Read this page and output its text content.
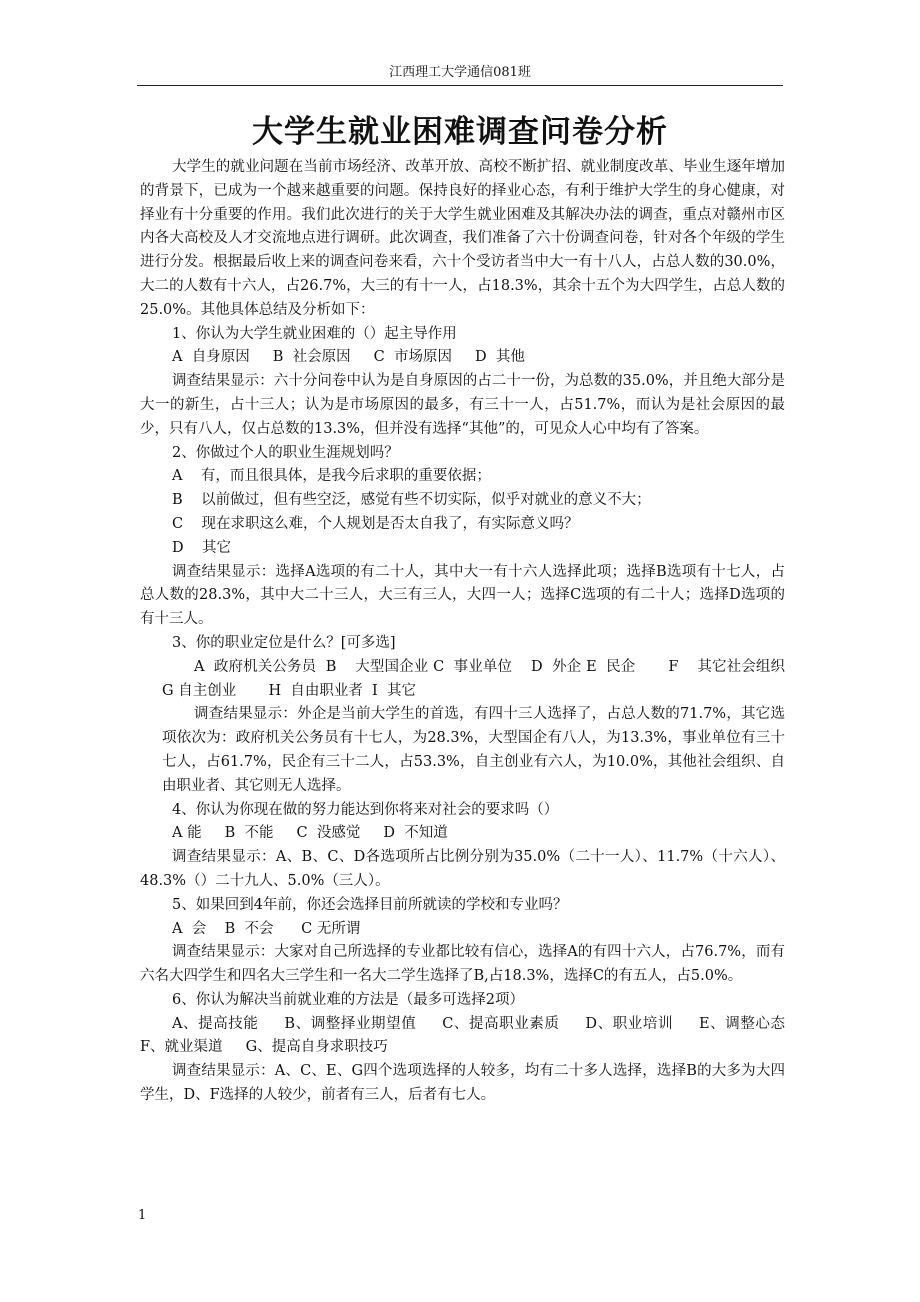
江西理工大学通信081班
大学生就业困难调查问卷分析

大学生的就业问题在当前市场经济、改革开放、高校不断扩招、就业制度改革、毕业生逐年增加的背景下，已成为一个越来越重要的问题。保持良好的择业心态，有利于维护大学生的身心健康，对择业有十分重要的作用。我们此次进行的关于大学生就业困难及其解决办法的调查，重点对赣州市区内各大高校及人才交流地点进行调研。此次调查，我们准备了六十份调查问卷，针对各个年级的学生进行分发。根据最后收上来的调查问卷来看，六十个受访者当中大一有十八人，占总人数的30.0%，大二的人数有十六人，占26.7%，大三的有十一人，占18.3%，其余十五个为大四学生，占总人数的25.0%。其他具体总结及分析如下：

1、你认为大学生就业困难的（）起主导作用

A  自身原因     B  社会原因     C  市场原因     D  其他

调查结果显示：六十分问卷中认为是自身原因的占二十一份，为总数的35.0%，并且绝大部分是大一的新生，占十三人；认为是市场原因的最多，有三十一人，占51.7%，而认为是社会原因的最少，只有八人，仅占总数的13.3%，但并没有选择“其他”的，可见众人心中均有了答案。

2、你做过个人的职业生涯规划吗？

A    有，而且很具体，是我今后求职的重要依据；

B    以前做过，但有些空泛，感觉有些不切实际，似乎对就业的意义不大；

C    现在求职这么难，个人规划是否太自我了，有实际意义吗？

D    其它

调查结果显示：选择A选项的有二十人，其中大一有十六人选择此项；选择B选项有十七人，占总人数的28.3%，其中大二十三人，大三有三人，大四一人；选择C选项的有二十人；选择D选项的有十三人。

3、你的职业定位是什么？[可多选]

A  政府机关公务员  B    大型国企业 C  事业单位    D  外企 E  民企       F    其它社会组织     G 自主创业       H  自由职业者  I  其它

调查结果显示：外企是当前大学生的首选，有四十三人选择了，占总人数的71.7%，其它选项依次为：政府机关公务员有十七人，为28.3%，大型国企有八人，为13.3%，事业单位有三十七人，占61.7%，民企有三十二人，占53.3%，自主创业有六人，为10.0%，其他社会组织、自由职业者、其它则无人选择。

4、你认为你现在做的努力能达到你将来对社会的要求吗（）

A 能     B  不能     C  没感觉     D  不知道

调查结果显示：A、B、C、D各选项所占比例分别为35.0%（二十一人）、11.7%（十六人）、48.3%（）二十九人、5.0%（三人）。

5、如果回到4年前，你还会选择目前所就读的学校和专业吗？

A  会    B  不会      C 无所谓

调查结果显示：大家对自己所选择的专业都比较有信心，选择A的有四十六人，占76.7%，而有六名大四学生和四名大三学生和一名大二学生选择了B,占18.3%，选择C的有五人，占5.0%。

6、你认为解决当前就业难的方法是（最多可选择2项）

A、提高技能     B、调整择业期望值     C、提高职业素质     D、职业培训     E、调整心态     F、就业渠道     G、提高自身求职技巧

调查结果显示：A、C、E、G四个选项选择的人较多，均有二十多人选择，选择B的大多为大四学生，D、F选择的人较少，前者有三人，后者有七人。

1
